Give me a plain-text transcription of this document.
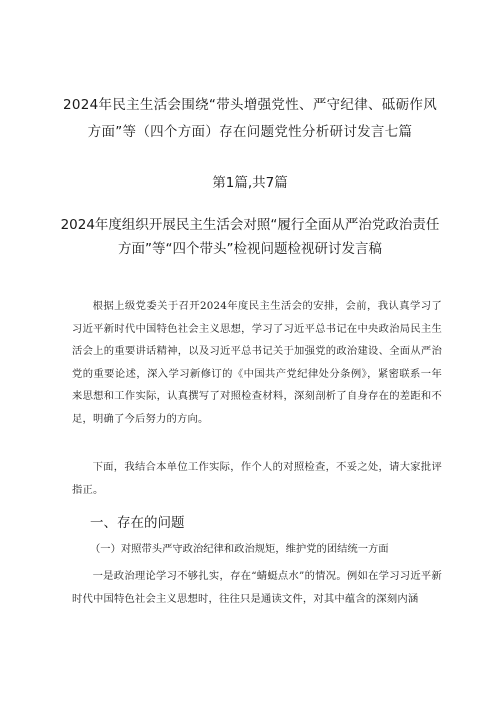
2024年民主生活会围绕“带头增强党性、严守纪律、砥砺作风方面”等（四个方面）存在问题党性分析研讨发言七篇
第1篇,共7篇
2024年度组织开展民主生活会对照“履行全面从严治党政治责任方面”等“四个带头”检视问题检视研讨发言稿
根据上级党委关于召开2024年度民主生活会的安排，会前，我认真学习了习近平新时代中国特色社会主义思想，学习了习近平总书记在中央政治局民主生活会上的重要讲话精神，以及习近平总书记关于加强党的政治建设、全面从严治党的重要论述，深入学习新修订的《中国共产党纪律处分条例》，紧密联系一年来思想和工作实际，认真撰写了对照检查材料，深刻剖析了自身存在的差距和不足，明确了今后努力的方向。
下面，我结合本单位工作实际，作个人的对照检查，不妥之处，请大家批评指正。
一、存在的问题
（一）对照带头严守政治纪律和政治规矩，维护党的团结统一方面
一是政治理论学习不够扎实，存在“蜻蜓点水”的情况。例如在学习习近平新时代中国特色社会主义思想时，往往只是通读文件，对其中蕴含的深刻内涵
